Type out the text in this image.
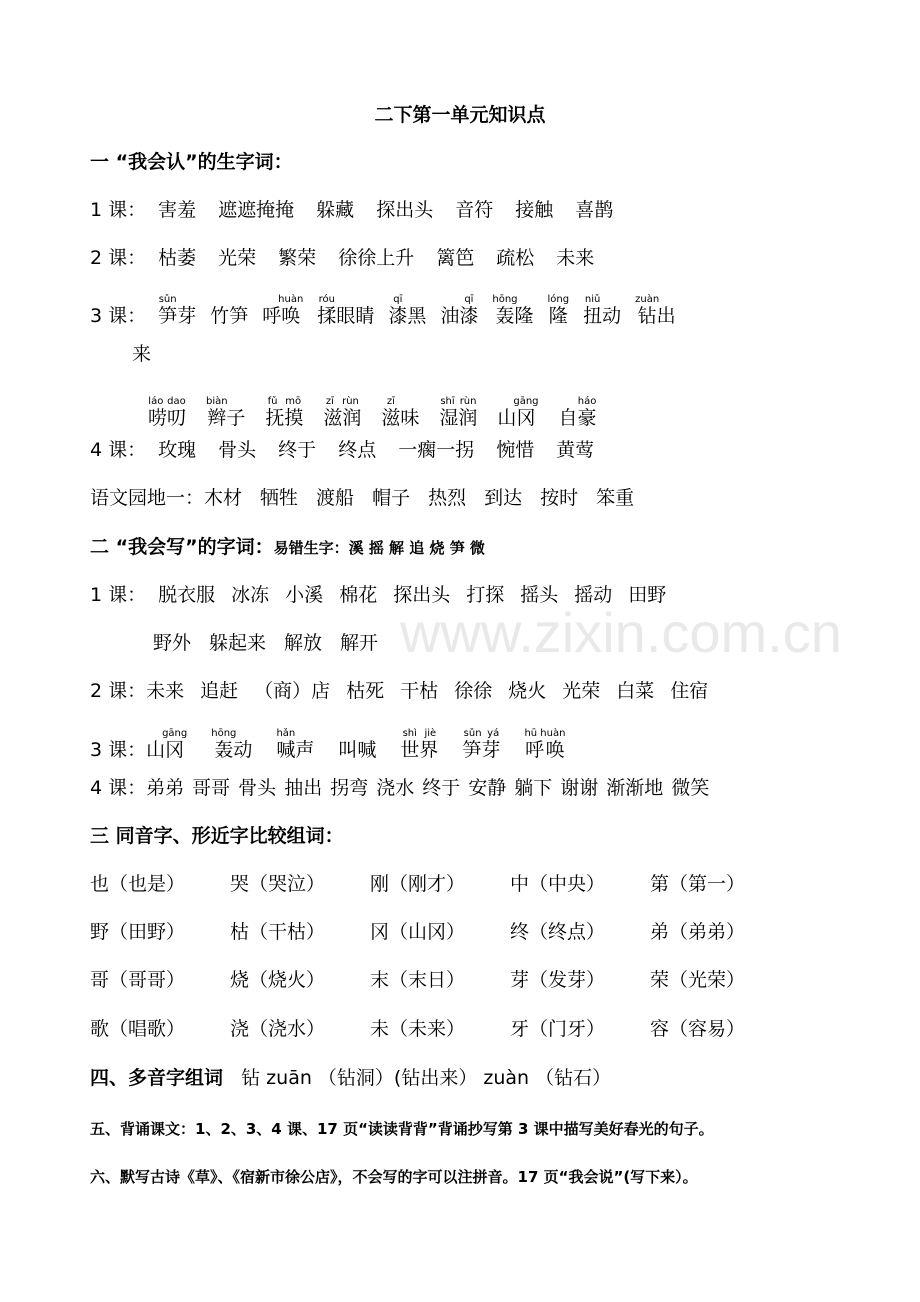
二下第一单元知识点
一 “我会认”的生字词：
1 课： 害羞 遮遮掩掩 躲藏 探出头 音符 接触 喜鹊
2 课： 枯萎 光荣 繁荣 徐徐上升 篱笆 疏松 未来
3 课： 笋sǔn芽 竹笋 呼唤huàn揉róu眼睛 漆qī黑 油漆qī轰hōng隆 隆lóng扭niǔ动 钻zuàn出
来
唠叨láo dao辫biàn子 抚摸fǔ mō滋润zī rùn滋zī味 湿润shī rùn山冈gāng自豪háo
4 课： 玫瑰 骨头 终于 终点 一瘸一拐 惋惜 黄莺
语文园地一：木材 牺牲 渡船 帽子 热烈 到达 按时 笨重
二 “我会写”的字词：易错生字：溪 摇 解 追 烧 笋 微
1 课： 脱衣服 冰冻 小溪 棉花 探出头 打探 摇头 摇动 田野
野外 躲起来 解放 解开
2 课：未来 追赶 （商）店 枯死 干枯 徐徐 烧火 光荣 白菜 住宿
3 课：山冈gāng轰hōng动 喊hǎn声 叫喊 世界shì jiè笋芽sǔn yá呼唤hū huàn
4 课：弟弟 哥哥 骨头 抽出 拐弯 浇水 终于 安静 躺下 谢谢 渐渐地 微笑
三 同音字、形近字比较组词：
也（也是） 哭（哭泣） 刚（刚才） 中（中央） 第（第一）
野（田野） 枯（干枯） 冈（山冈） 终（终点） 弟（弟弟）
哥（哥哥） 烧（烧火） 末（末日） 芽（发芽） 荣（光荣）
歌（唱歌） 浇（浇水） 未（未来） 牙（门牙） 容（容易）
四、多音字组词 钻 zuān （钻洞）(钻出来） zuàn （钻石）
五、背诵课文：1、2、3、4 课、17 页“读读背背”背诵抄写第 3 课中描写美好春光的句子。
六、默写古诗《草》、《宿新市徐公店》，不会写的字可以注拼音。17 页“我会说”(写下来）。
www.zixin.com.cn
